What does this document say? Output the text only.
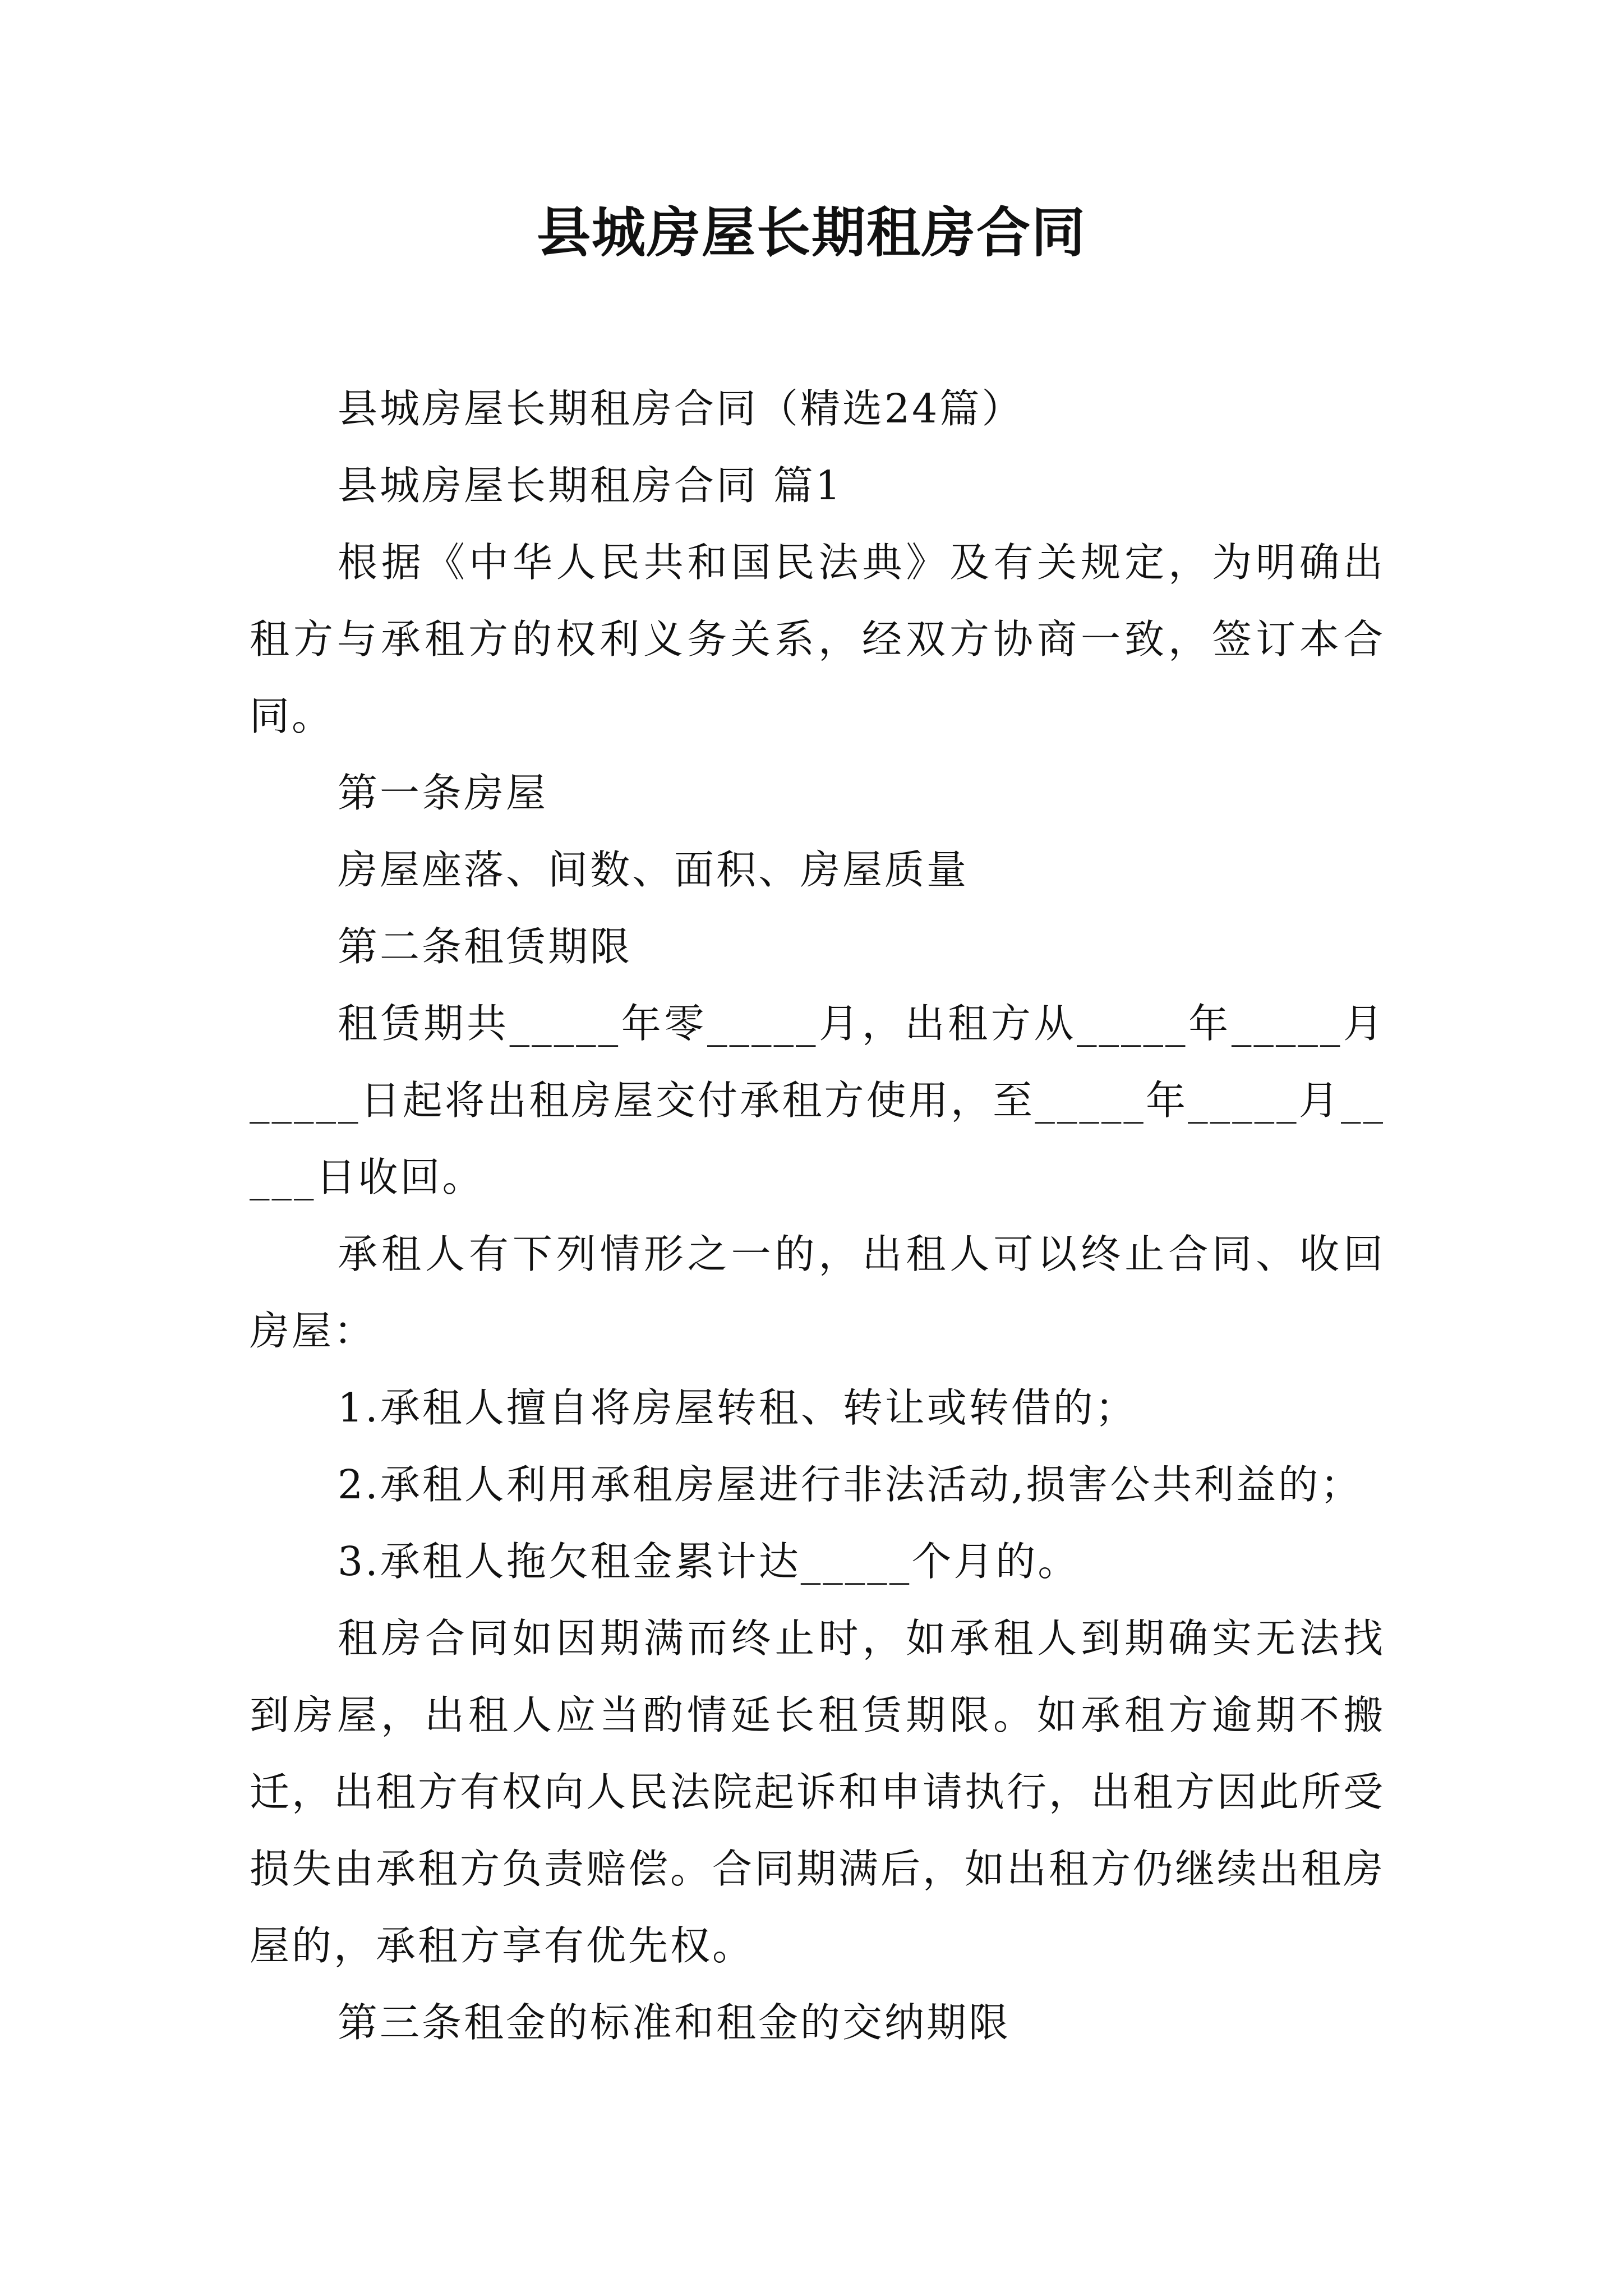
县城房屋长期租房合同

县城房屋长期租房合同（精选24篇）

县城房屋长期租房合同 篇1

根据《中华人民共和国民法典》及有关规定，为明确出租方与承租方的权利义务关系，经双方协商一致，签订本合同。

第一条房屋

房屋座落、间数、面积、房屋质量

第二条租赁期限

租赁期共_____年零_____月，出租方从_____年_____月_____日起将出租房屋交付承租方使用，至_____年_____月_____日收回。

承租人有下列情形之一的，出租人可以终止合同、收回房屋：

1.承租人擅自将房屋转租、转让或转借的；

2.承租人利用承租房屋进行非法活动,损害公共利益的；

3.承租人拖欠租金累计达_____个月的。

租房合同如因期满而终止时，如承租人到期确实无法找到房屋，出租人应当酌情延长租赁期限。如承租方逾期不搬迁，出租方有权向人民法院起诉和申请执行，出租方因此所受损失由承租方负责赔偿。合同期满后，如出租方仍继续出租房屋的，承租方享有优先权。

第三条租金的标准和租金的交纳期限
